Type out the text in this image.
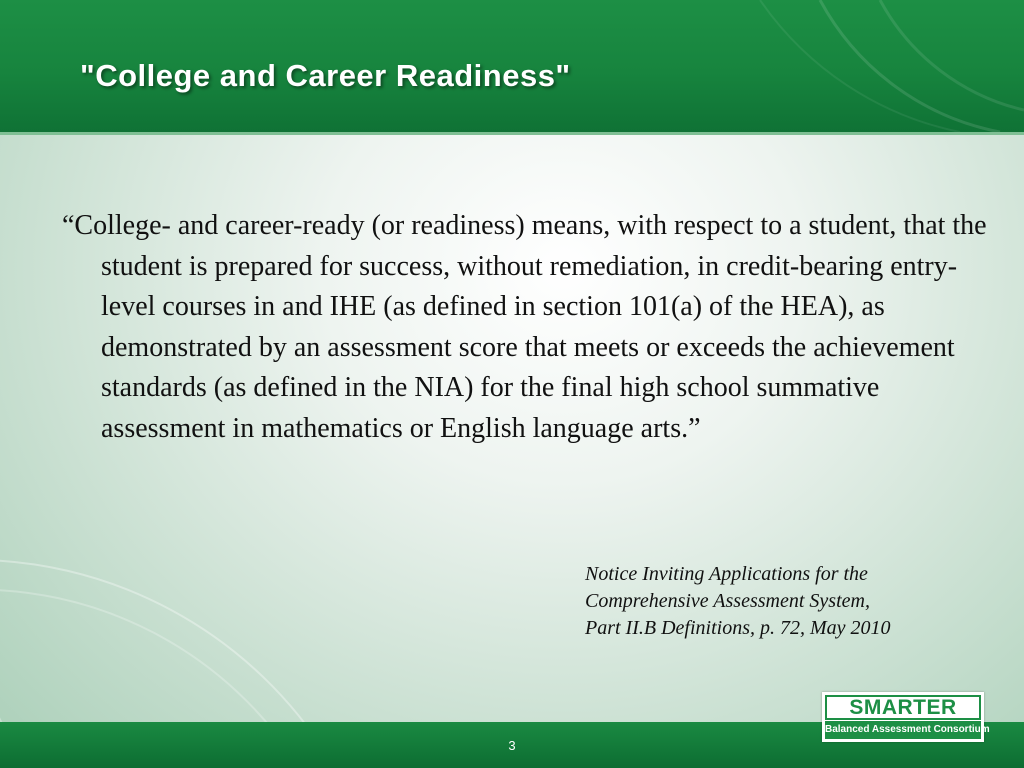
"College and Career Readiness"

“College- and career-ready (or readiness) means, with respect to a student, that the student is prepared for success, without remediation, in credit-bearing entry-level courses in and IHE (as defined in section 101(a) of the HEA), as demonstrated by an assessment score that meets or exceeds the achievement standards (as defined in the NIA) for the final high school summative assessment in mathematics or English language arts.”

Notice Inviting Applications for the
Comprehensive Assessment System,
Part II.B Definitions, p. 72, May 2010
3
SMARTER
Balanced Assessment Consortium
